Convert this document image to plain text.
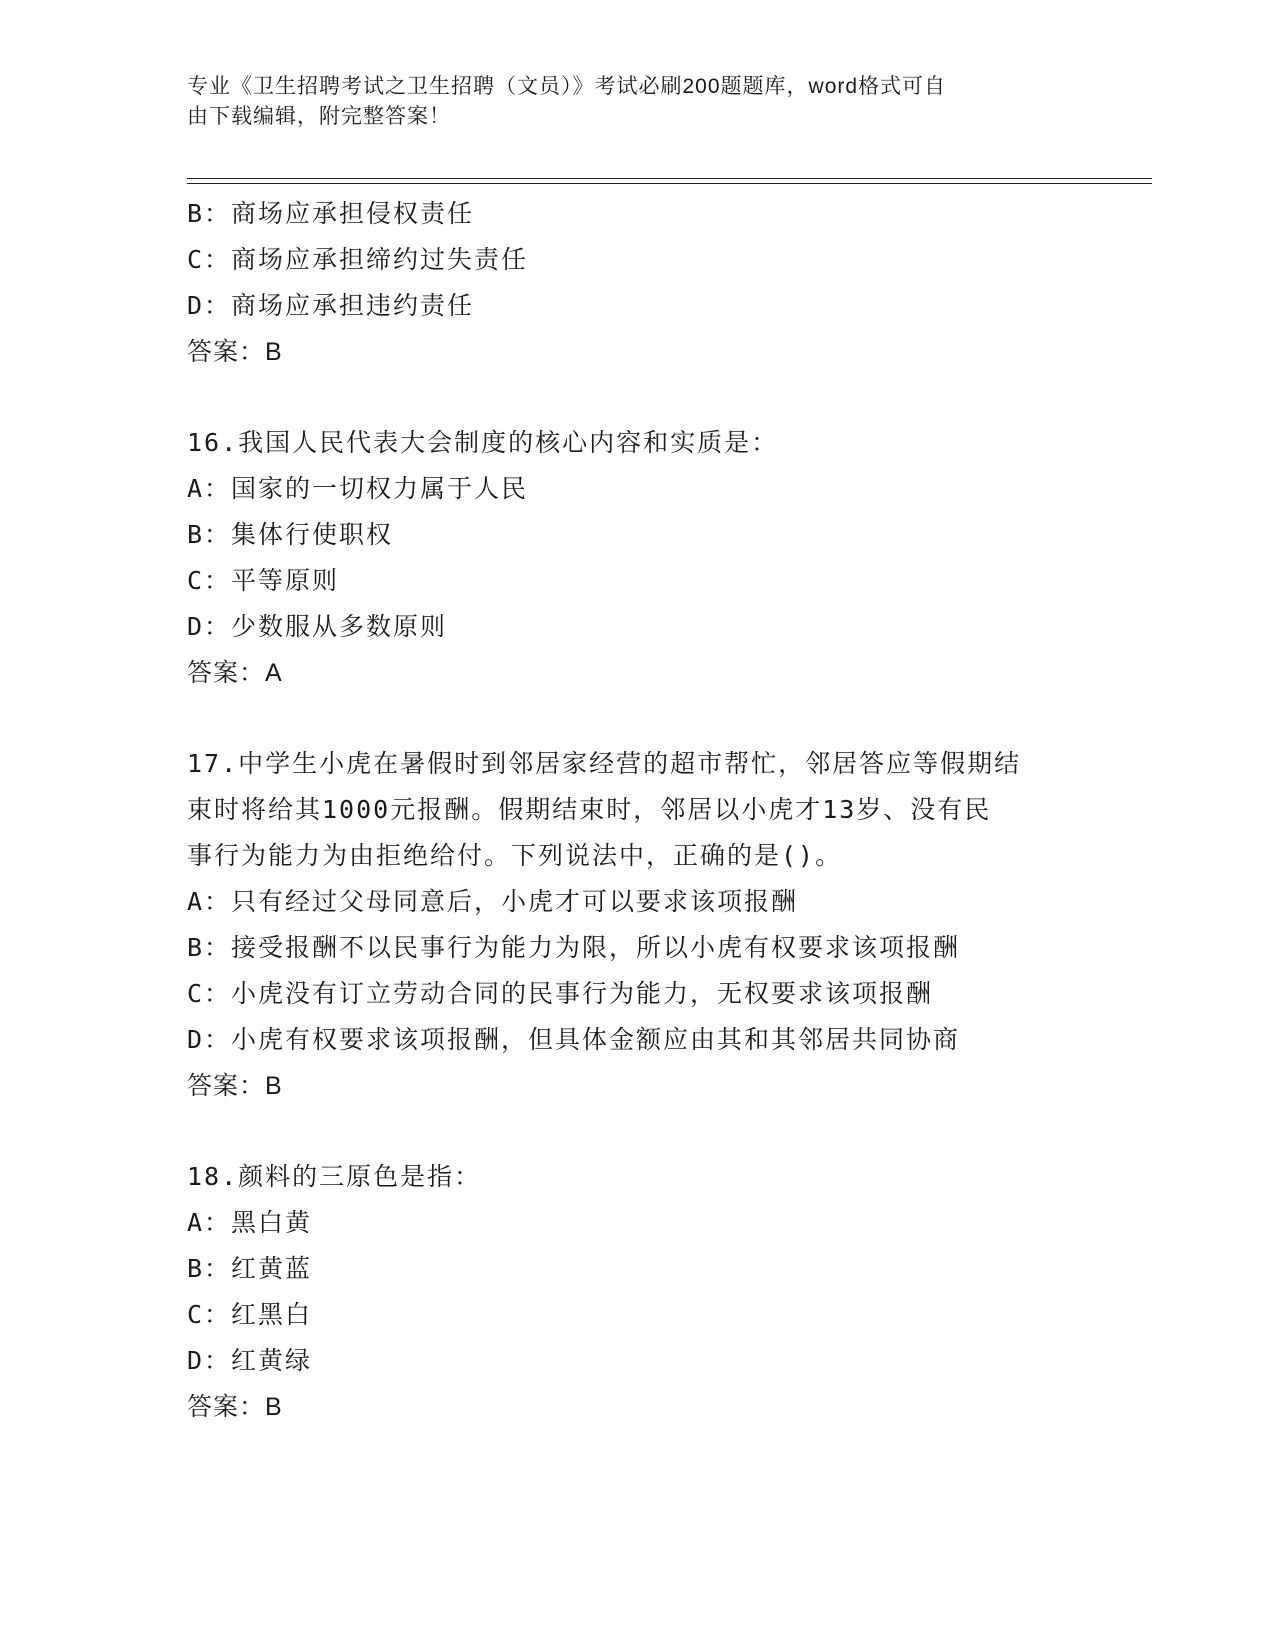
专业《卫生招聘考试之卫生招聘（文员）》考试必刷200题题库，word格式可自
由下载编辑，附完整答案！
B：商场应承担侵权责任
C：商场应承担缔约过失责任
D：商场应承担违约责任
答案：B
16.我国人民代表大会制度的核心内容和实质是：
A：国家的一切权力属于人民
B：集体行使职权
C：平等原则
D：少数服从多数原则
答案：A
17.中学生小虎在暑假时到邻居家经营的超市帮忙，邻居答应等假期结
束时将给其1000元报酬。假期结束时，邻居以小虎才13岁、没有民
事行为能力为由拒绝给付。下列说法中，正确的是()。
A：只有经过父母同意后，小虎才可以要求该项报酬
B：接受报酬不以民事行为能力为限，所以小虎有权要求该项报酬
C：小虎没有订立劳动合同的民事行为能力，无权要求该项报酬
D：小虎有权要求该项报酬，但具体金额应由其和其邻居共同协商
答案：B
18.颜料的三原色是指：
A：黑白黄
B：红黄蓝
C：红黑白
D：红黄绿
答案：B
